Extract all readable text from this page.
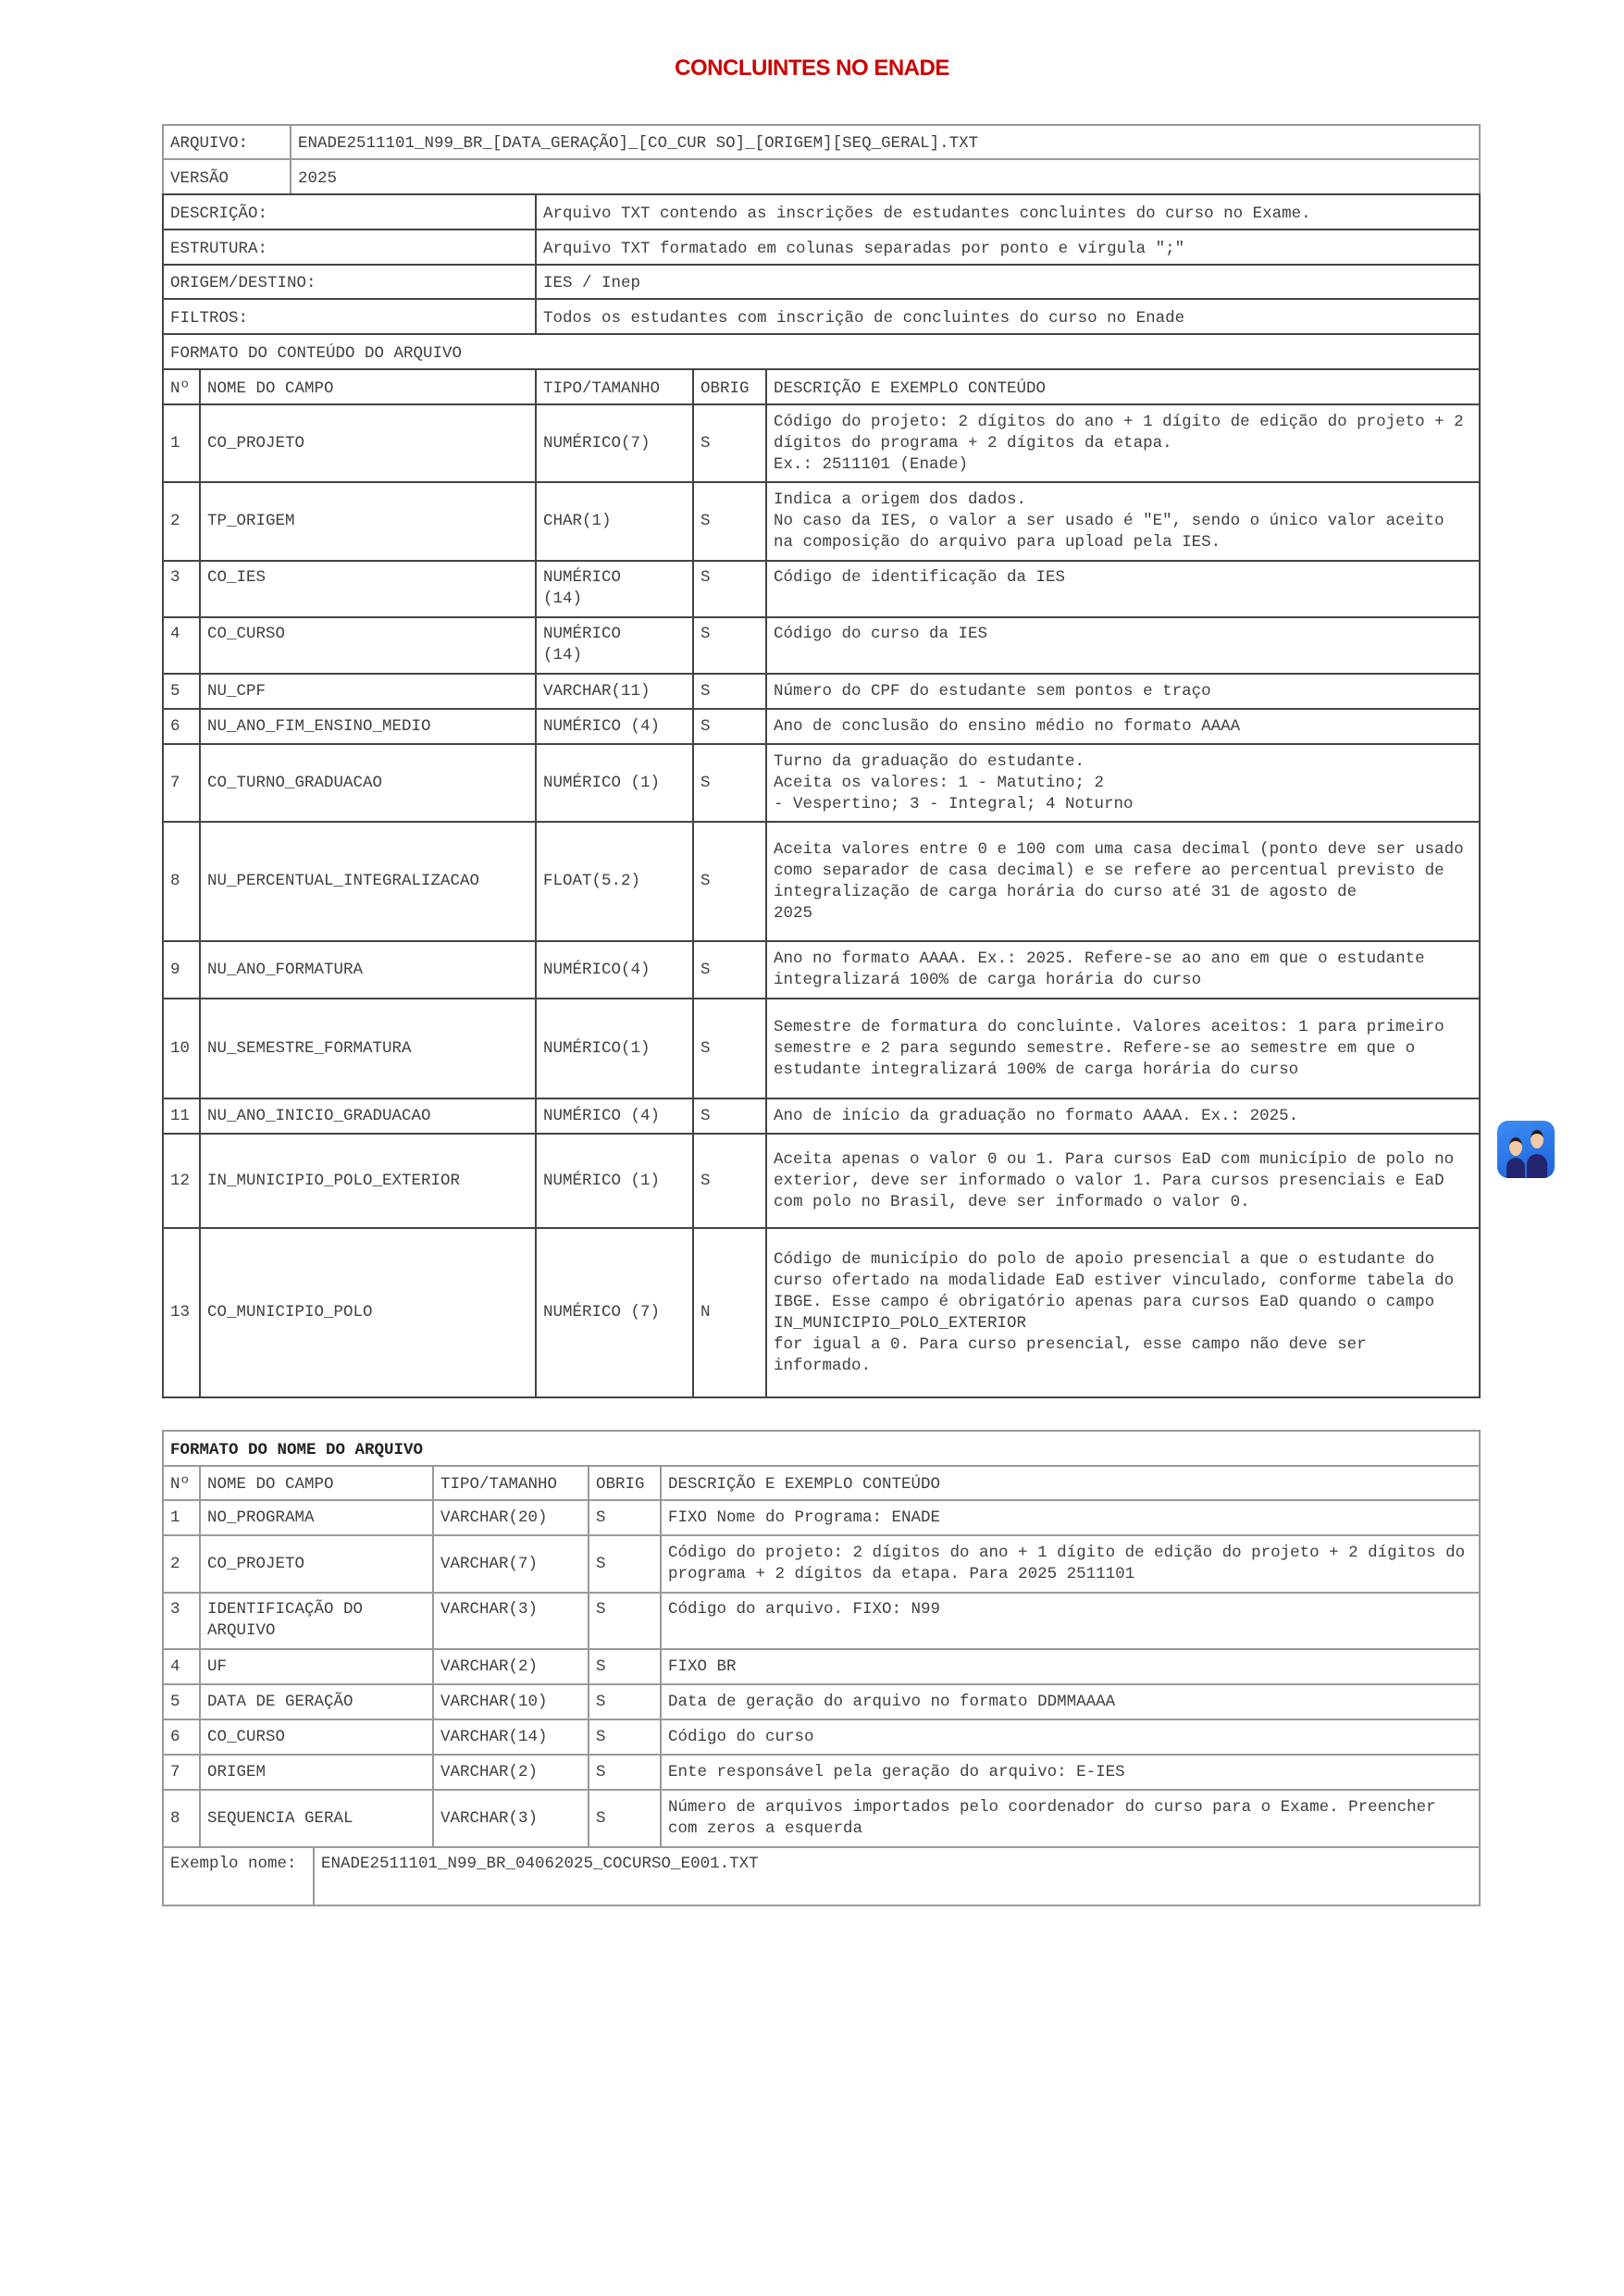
CONCLUINTES NO ENADE
ARQUIVO:	ENADE2511101_N99_BR_[DATA_GERAÇÃO]_[CO_CUR SO]_[ORIGEM][SEQ_GERAL].TXT
VERSÃO	2025
DESCRIÇÃO:		Arquivo TXT contendo as inscrições de estudantes concluintes do curso no Exame.		
ESTRUTURA:		Arquivo TXT formatado em colunas separadas por ponto e vírgula ";"		
ORIGEM/DESTINO:		IES / Inep		
FILTROS:		Todos os estudantes com inscrição de concluintes do curso no Enade		
FORMATO DO CONTEÚDO DO ARQUIVO				
Nº	NOME DO CAMPO	TIPO/TAMANHO	OBRIG	DESCRIÇÃO E EXEMPLO CONTEÚDO
1	CO_PROJETO	NUMÉRICO(7)	S	Código do projeto: 2 dígitos do ano + 1 dígito de edição do projeto + 2 dígitos do programa + 2 dígitos da etapa.
Ex.: 2511101 (Enade)
2	TP_ORIGEM	CHAR(1)	S	Indica a origem dos dados.
No caso da IES, o valor a ser usado é "E", sendo o único valor aceito na composição do arquivo para upload pela IES.
3	CO_IES	NUMÉRICO
(14)	S	Código de identificação da IES
4	CO_CURSO	NUMÉRICO
(14)	S	Código do curso da IES
5	NU_CPF	VARCHAR(11)	S	Número do CPF do estudante sem pontos e traço
6	NU_ANO_FIM_ENSINO_MEDIO	NUMÉRICO (4)	S	Ano de conclusão do ensino médio no formato AAAA
7	CO_TURNO_GRADUACAO	NUMÉRICO (1)	S	Turno da graduação do estudante.
Aceita os valores: 1 - Matutino; 2
- Vespertino; 3 - Integral; 4 Noturno
8	NU_PERCENTUAL_INTEGRALIZACAO	FLOAT(5.2)	S	Aceita valores entre 0 e 100 com uma casa decimal (ponto deve ser usado como separador de casa decimal) e se refere ao percentual previsto de integralização de carga horária do curso até 31 de agosto de
2025
9	NU_ANO_FORMATURA	NUMÉRICO(4)	S	Ano no formato AAAA. Ex.: 2025. Refere-se ao ano em que o estudante integralizará 100% de carga horária do curso
10	NU_SEMESTRE_FORMATURA	NUMÉRICO(1)	S	Semestre de formatura do concluinte. Valores aceitos: 1 para primeiro semestre e 2 para segundo semestre. Refere-se ao semestre em que o estudante integralizará 100% de carga horária do curso
11	NU_ANO_INICIO_GRADUACAO	NUMÉRICO (4)	S	Ano de início da graduação no formato AAAA. Ex.: 2025.
12	IN_MUNICIPIO_POLO_EXTERIOR	NUMÉRICO (1)	S	Aceita apenas o valor 0 ou 1. Para cursos EaD com município de polo no exterior, deve ser informado o valor 1. Para cursos presenciais e EaD com polo no Brasil, deve ser informado o valor 0.
13	CO_MUNICIPIO_POLO	NUMÉRICO (7)	N	Código de município do polo de apoio presencial a que o estudante do curso ofertado na modalidade EaD estiver vinculado, conforme tabela do IBGE. Esse campo é obrigatório apenas para cursos EaD quando o campo
IN_MUNICIPIO_POLO_EXTERIOR
for igual a 0. Para curso presencial, esse campo não deve ser informado.
FORMATO DO NOME DO ARQUIVO					
Nº	NOME DO CAMPO		TIPO/TAMANHO	OBRIG	DESCRIÇÃO E EXEMPLO CONTEÚDO
1	NO_PROGRAMA		VARCHAR(20)	S	FIXO Nome do Programa: ENADE
2	CO_PROJETO		VARCHAR(7)	S	Código do projeto: 2 dígitos do ano + 1 dígito de edição do projeto + 2 dígitos do programa + 2 dígitos da etapa. Para 2025 2511101
3	IDENTIFICAÇÃO DO ARQUIVO		VARCHAR(3)	S	Código do arquivo. FIXO: N99
4	UF		VARCHAR(2)	S	FIXO BR
5	DATA DE GERAÇÃO		VARCHAR(10)	S	Data de geração do arquivo no formato DDMMAAAA
6	CO_CURSO		VARCHAR(14)	S	Código do curso
7	ORIGEM		VARCHAR(2)	S	Ente responsável pela geração do arquivo: E-IES
8	SEQUENCIA GERAL		VARCHAR(3)	S	Número de arquivos importados pelo coordenador do curso para o Exame. Preencher com zeros a esquerda
Exemplo nome:		ENADE2511101_N99_BR_04062025_COCURSO_E001.TXT			
